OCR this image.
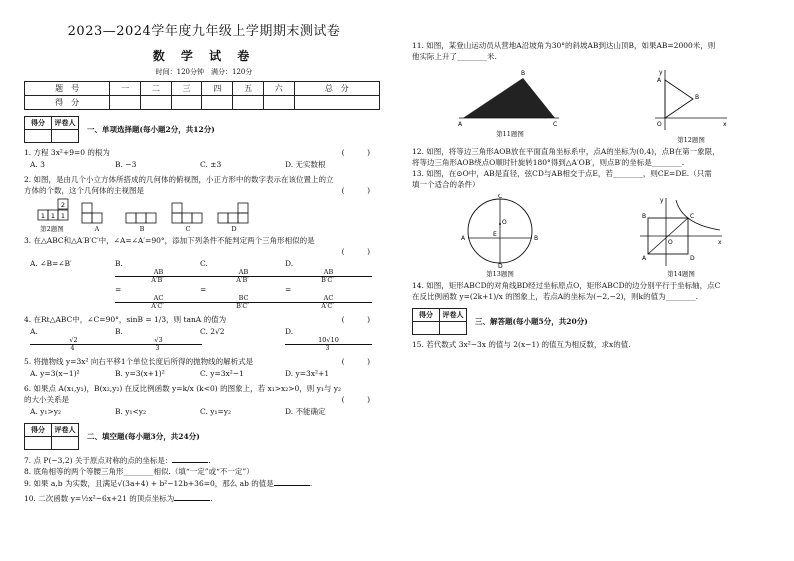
2023—2024学年度九年级上学期期末测试卷
数 学 试 卷
时间：120分钟　满分：120分
题　号	一	二	三	四	五	六	总　分
得　分							
得分	评卷人

一、单项选择题(每小题2分，共12分)

1. 方程 3x²+9=0 的根为	(　　　)

A. 3	B. −3	C. ±3	D. 无实数根

2. 如图，是由几个小立方体所搭成的几何体的俯视图，小正方形中的数字表示在该位置上的立

方体的个数，这个几何体的主视图是	(　　　)

2
1 1 1
第2题图	A	B	C	D

3. 在△ABC和△A′B′C′中，∠A=∠A′=90°，添加下列条件不能判定两个三角形相似的是

(　　　)

A. ∠B=∠B′	B.
$\frac{AB}{A'B'}=$
$\frac{AC}{A'C'}$
C.
$\frac{AB}{A'B'}=$
$\frac{BC}{B'C'}$
D.
$\frac{AB}{B'C'}=$
$\frac{AC}{A'C'}$

4. 在Rt△ABC中，∠C=90°，sinB = 1/3，则 tanA 的值为	(　　　)

A.
$\frac{√2}{4}$
B.
$\frac{√3}{3}$
C. 2√2	D.
$\frac{10√10}{3}$

5. 将抛物线 y=3x² 向右平移1个单位长度后所得的抛物线的解析式是	(　　　)

A. y=3(x−1)²	B. y=3(x+1)²	C. y=3x²−1	D. y=3x²+1

6. 如果点 A(x₁,y₁)，B(x₂,y₂) 在反比例函数 y=k/x (k<0) 的图象上，若 x₁>x₂>0，则 y₁与 y₂

的大小关系是	(　　　)

A. y₁>y₂	B. y₁<y₂	C. y₁=y₂	D. 不能确定
得分	评卷人

二、填空题(每小题3分，共24分)

7. 点 P(−3,2) 关于原点对称的点的坐标是：	.

8. 底角相等的两个等腰三角形________相似.（填“一定”或“不一定”）

9. 如果 a,b 为实数，且满足√(3a+4) + b²−12b+36=0，那么 ab 的值是	.

10. 二次函数 y=½x²−6x+21 的顶点坐标为	.

11. 如图，某登山运动员从营地A沿坡角为30°的斜坡AB到达山顶B，如果AB=2000米，则

他实际上升了________米.

A
B
C
第11题图
y
A
B
O	x
第12题图

12. 如图，将等边三角形AOB放在平面直角坐标系中，点A的坐标为(0,4)，点B在第一象限，

将等边三角形AOB绕点O顺时针旋转180°得到△A′OB′，则点B′的坐标是________.

13. 如图，在⊙O中，AB是直径，弦CD与AB相交于点E，若________，则CE=DE.（只需

填一个适合的条件）

A	B
C
D
O
E
第13题图
y
B	C
A	D
O	x
第14题图

14. 如图，矩形ABCD的对角线BD经过坐标原点O，矩形ABCD的边分别平行于坐标轴，点C

在反比例函数 y=(2k+1)/x 的图象上，若点A的坐标为(−2,−2)，则k的值为________.

得分	评卷人

三、解答题(每小题5分，共20分)

15. 若代数式 3x²−3x 的值与 2(x−1) 的值互为相反数，求x的值.
